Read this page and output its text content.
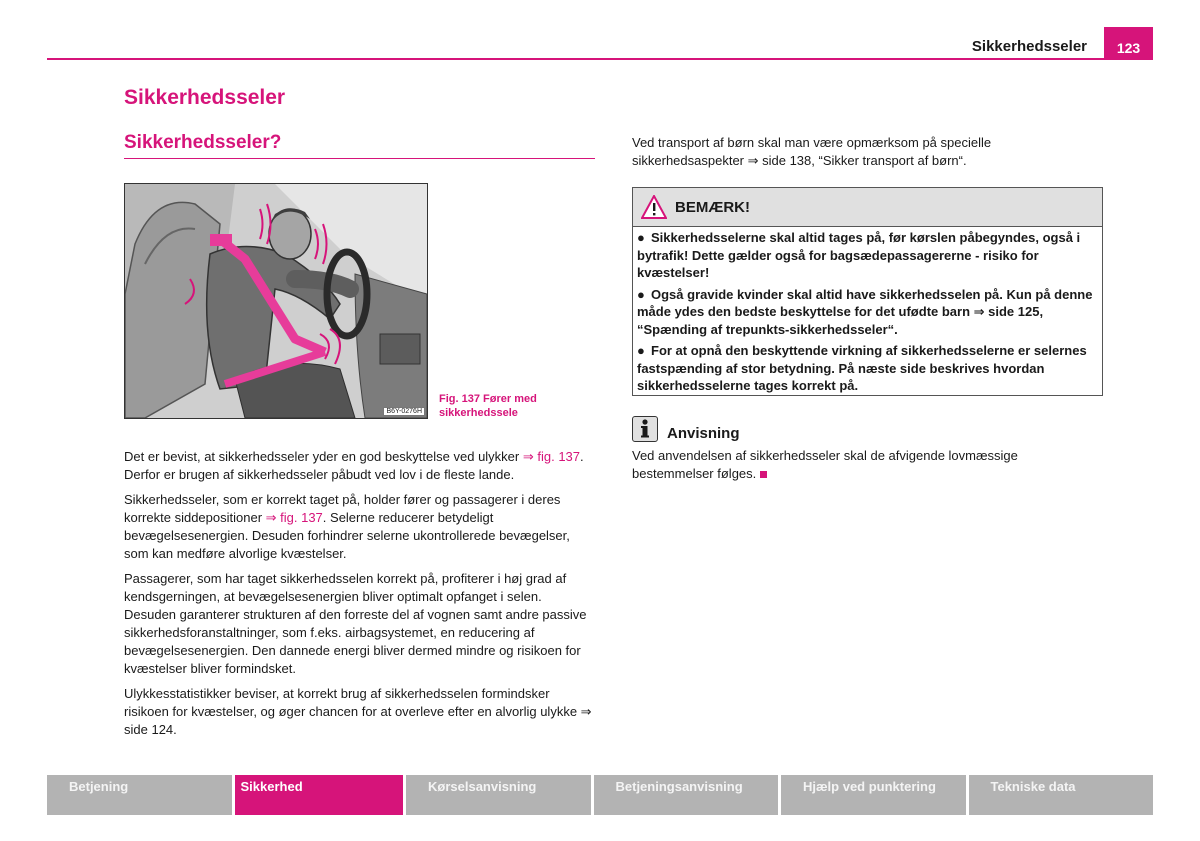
Sikkerhedsseler	123
Sikkerhedsseler
Sikkerhedsseler?
B6Y-0276H
Fig. 137 Fører med
sikkerhedssele

Det er bevist, at sikkerhedsseler yder en god beskyttelse ved ulykker ⇒ fig. 137.
Derfor er brugen af sikkerhedsseler påbudt ved lov i de fleste lande.

Sikkerhedsseler, som er korrekt taget på, holder fører og passagerer i deres korrekte siddepositioner ⇒ fig. 137. Selerne reducerer betydeligt bevægelsesenergien. Desuden forhindrer selerne ukontrollerede bevægelser, som kan medføre alvorlige kvæstelser.

Passagerer, som har taget sikkerhedsselen korrekt på, profiterer i høj grad af kendsgerningen, at bevægelsesenergien bliver optimalt opfanget i selen. Desuden garanterer strukturen af den forreste del af vognen samt andre passive sikkerhedsforanstaltninger, som f.eks. airbagsystemet, en reducering af bevægelsesenergien. Den dannede energi bliver dermed mindre og risikoen for kvæstelser bliver formindsket.

Ulykkesstatistikker beviser, at korrekt brug af sikkerhedsselen formindsker risikoen for kvæstelser, og øger chancen for at overleve efter en alvorlig ulykke ⇒ side 124.

Ved transport af børn skal man være opmærksom på specielle sikkerhedsaspekter ⇒ side 138, “Sikker transport af børn“.
BEMÆRK!

● Sikkerhedsselerne skal altid tages på, før kørslen påbegyndes, også i bytrafik! Dette gælder også for bagsædepassagererne - risiko for kvæstelser!

● Også gravide kvinder skal altid have sikkerhedsselen på. Kun på denne måde ydes den bedste beskyttelse for det ufødte barn ⇒ side 125, “Spænding af trepunkts-sikkerhedsseler“.

● For at opnå den beskyttende virkning af sikkerhedsselerne er selernes fastspænding af stor betydning. På næste side beskrives hvordan sikkerhedsselerne tages korrekt på.

Anvisning
Ved anvendelsen af sikkerhedsseler skal de afvigende lovmæssige bestemmelser følges.
Betjening	Sikkerhed	Kørselsanvisning	Betjeningsanvisning	Hjælp ved punktering	Tekniske data
